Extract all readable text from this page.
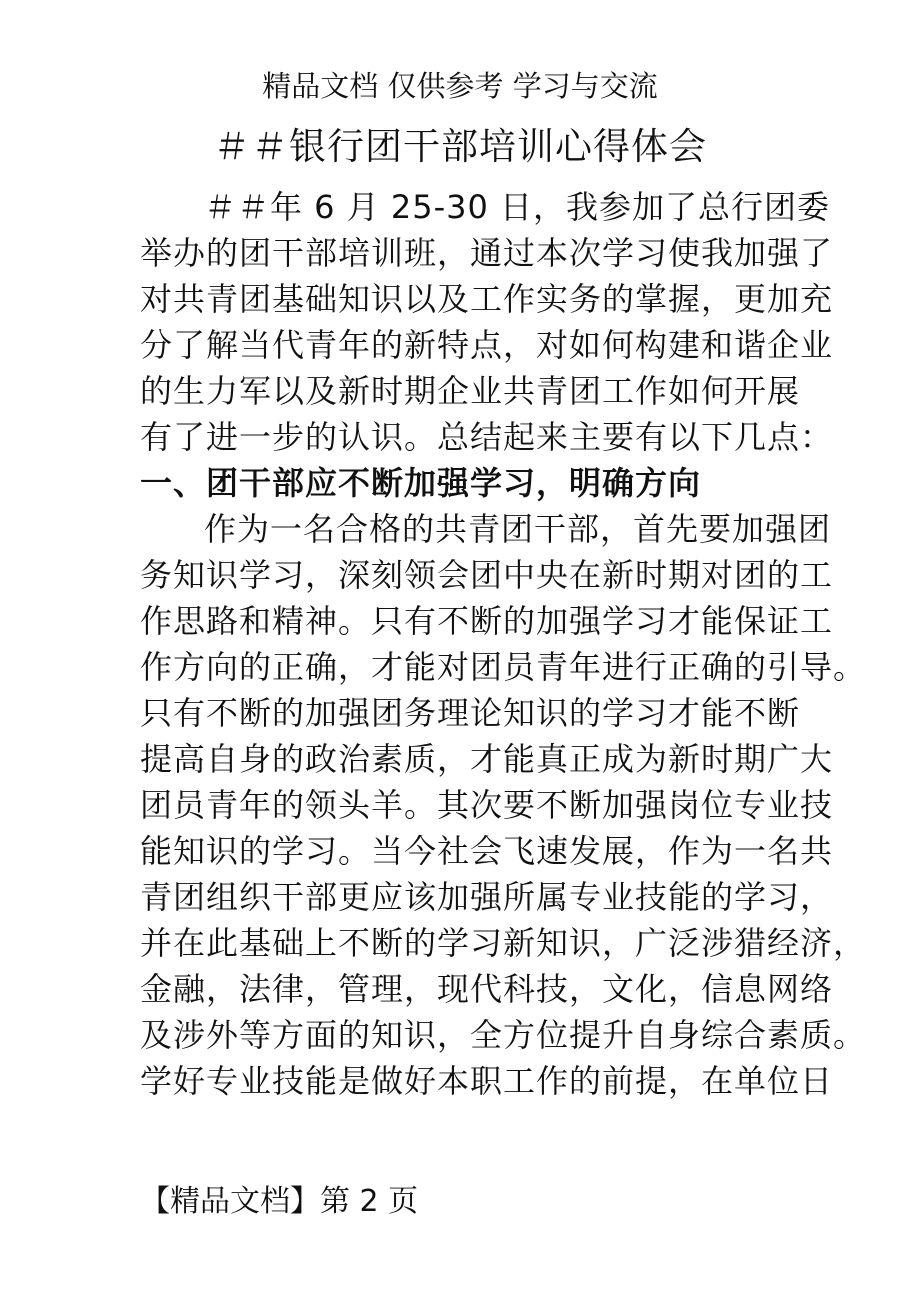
精品文档 仅供参考 学习与交流
＃＃银行团干部培训心得体会
＃＃年 6 月 25-30 日，我参加了总行团委
举办的团干部培训班，通过本次学习使我加强了
对共青团基础知识以及工作实务的掌握，更加充
分了解当代青年的新特点，对如何构建和谐企业
的生力军以及新时期企业共青团工作如何开展
有了进一步的认识。总结起来主要有以下几点：
一、团干部应不断加强学习，明确方向
作为一名合格的共青团干部，首先要加强团
务知识学习，深刻领会团中央在新时期对团的工
作思路和精神。只有不断的加强学习才能保证工
作方向的正确，才能对团员青年进行正确的引导。
只有不断的加强团务理论知识的学习才能不断
提高自身的政治素质，才能真正成为新时期广大
团员青年的领头羊。其次要不断加强岗位专业技
能知识的学习。当今社会飞速发展，作为一名共
青团组织干部更应该加强所属专业技能的学习，
并在此基础上不断的学习新知识，广泛涉猎经济，
金融，法律，管理，现代科技，文化，信息网络
及涉外等方面的知识，全方位提升自身综合素质。
学好专业技能是做好本职工作的前提，在单位日
【精品文档】第 2 页
